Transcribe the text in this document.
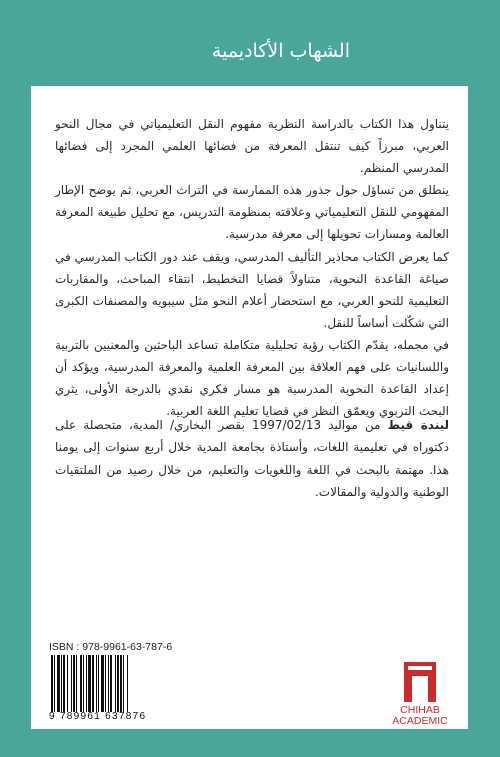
الشهاب الأكاديمية

يتناول هذا الكتاب بالدراسة النظرية مفهوم النقل التعليمياتي في مجال النحو العربي، مبرزاً كيف تنتقل المعرفة من فضائها العلمي المجرد إلى فضائها المدرسي المنظم.

ينطلق من تساؤل حول جذور هذه الممارسة في التراث العربي، ثم يوضح الإطار المفهومي للنقل التعليمياتي وعلاقته بمنظومة التدريس، مع تحليل طبيعة المعرفة العالمة ومسارات تحويلها إلى معرفة مدرسية.

كما يعرض الكتاب محاذير التأليف المدرسي، ويقف عند دور الكتاب المدرسي في صياغة القاعدة النحوية، متناولاً قضايا التخطيط، انتقاء المباحث، والمقاربات التعليمية للنحو العربي، مع استحضار أعلام النحو مثل سيبويه والمصنفات الكبرى التي شكّلت أساساً للنقل.

في مجمله، يقدّم الكتاب رؤية تحليلية متكاملة تساعد الباحثين والمعنيين بالتربية واللسانيات على فهم العلاقة بين المعرفة العلمية والمعرفة المدرسية، ويؤكد أن إعداد القاعدة النحوية المدرسية هو مسار فكري نقدي بالدرجة الأولى، يثري البحث التربوي ويعمّق النظر في قضايا تعليم اللغة العربية.

ليندة قيط من مواليد 1997/02/13 بقصر البخاري/ المدية، متحصلة على دكتوراه في تعليمية اللغات، وأستاذة بجامعة المدية خلال أربع سنوات إلى يومنا هذا. مهتمة بالبحث في اللغة واللغويات والتعليم، من خلال رصيد من الملتقيات الوطنية والدولية والمقالات.
ISBN : 978-9961-63-787-6
9 789961 637876
CHIHAB
ACADEMIC
